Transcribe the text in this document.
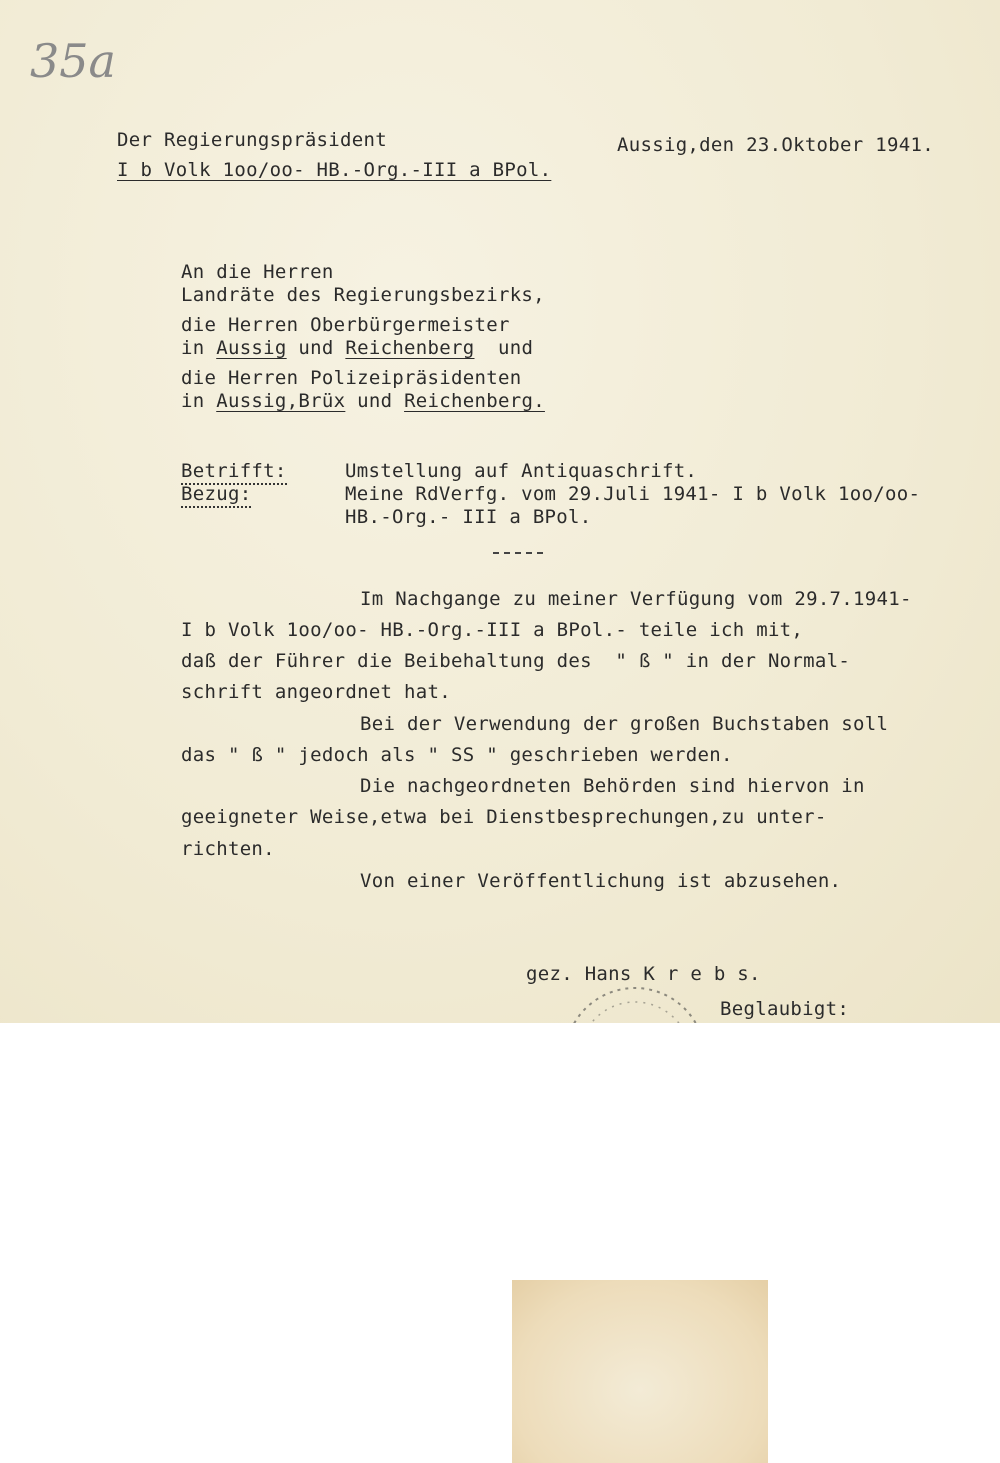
35a
Der Regierungspräsident
I b Volk 1oo/oo- HB.-Org.-III a BPol.
Aussig,den 23.Oktober 1941.
An die Herren
Landräte des Regierungsbezirks,
die Herren Oberbürgermeister
in Aussig und Reichenberg  und
die Herren Polizeipräsidenten
in Aussig,Brüx und Reichenberg.
Betrifft:	Umstellung auf Antiquaschrift.
Bezug:	Meine RdVerfg. vom 29.Juli 1941- I b Volk 1oo/oo-
HB.-Org.- III a BPol.
Im Nachgange zu meiner Verfügung vom 29.7.1941-
I b Volk 1oo/oo- HB.-Org.-III a BPol.- teile ich mit,
daß der Führer die Beibehaltung des  " ß " in der Normal-
schrift angeordnet hat.
Bei der Verwendung der großen Buchstaben soll
das " ß " jedoch als " SS " geschrieben werden.
Die nachgeordneten Behörden sind hiervon in
geeigneter Weise,etwa bei Dienstbesprechungen,zu unter-
richten.
Von einer Veröffentlichung ist abzusehen.
gez. Hans K r e b s.
Beglaubigt:
